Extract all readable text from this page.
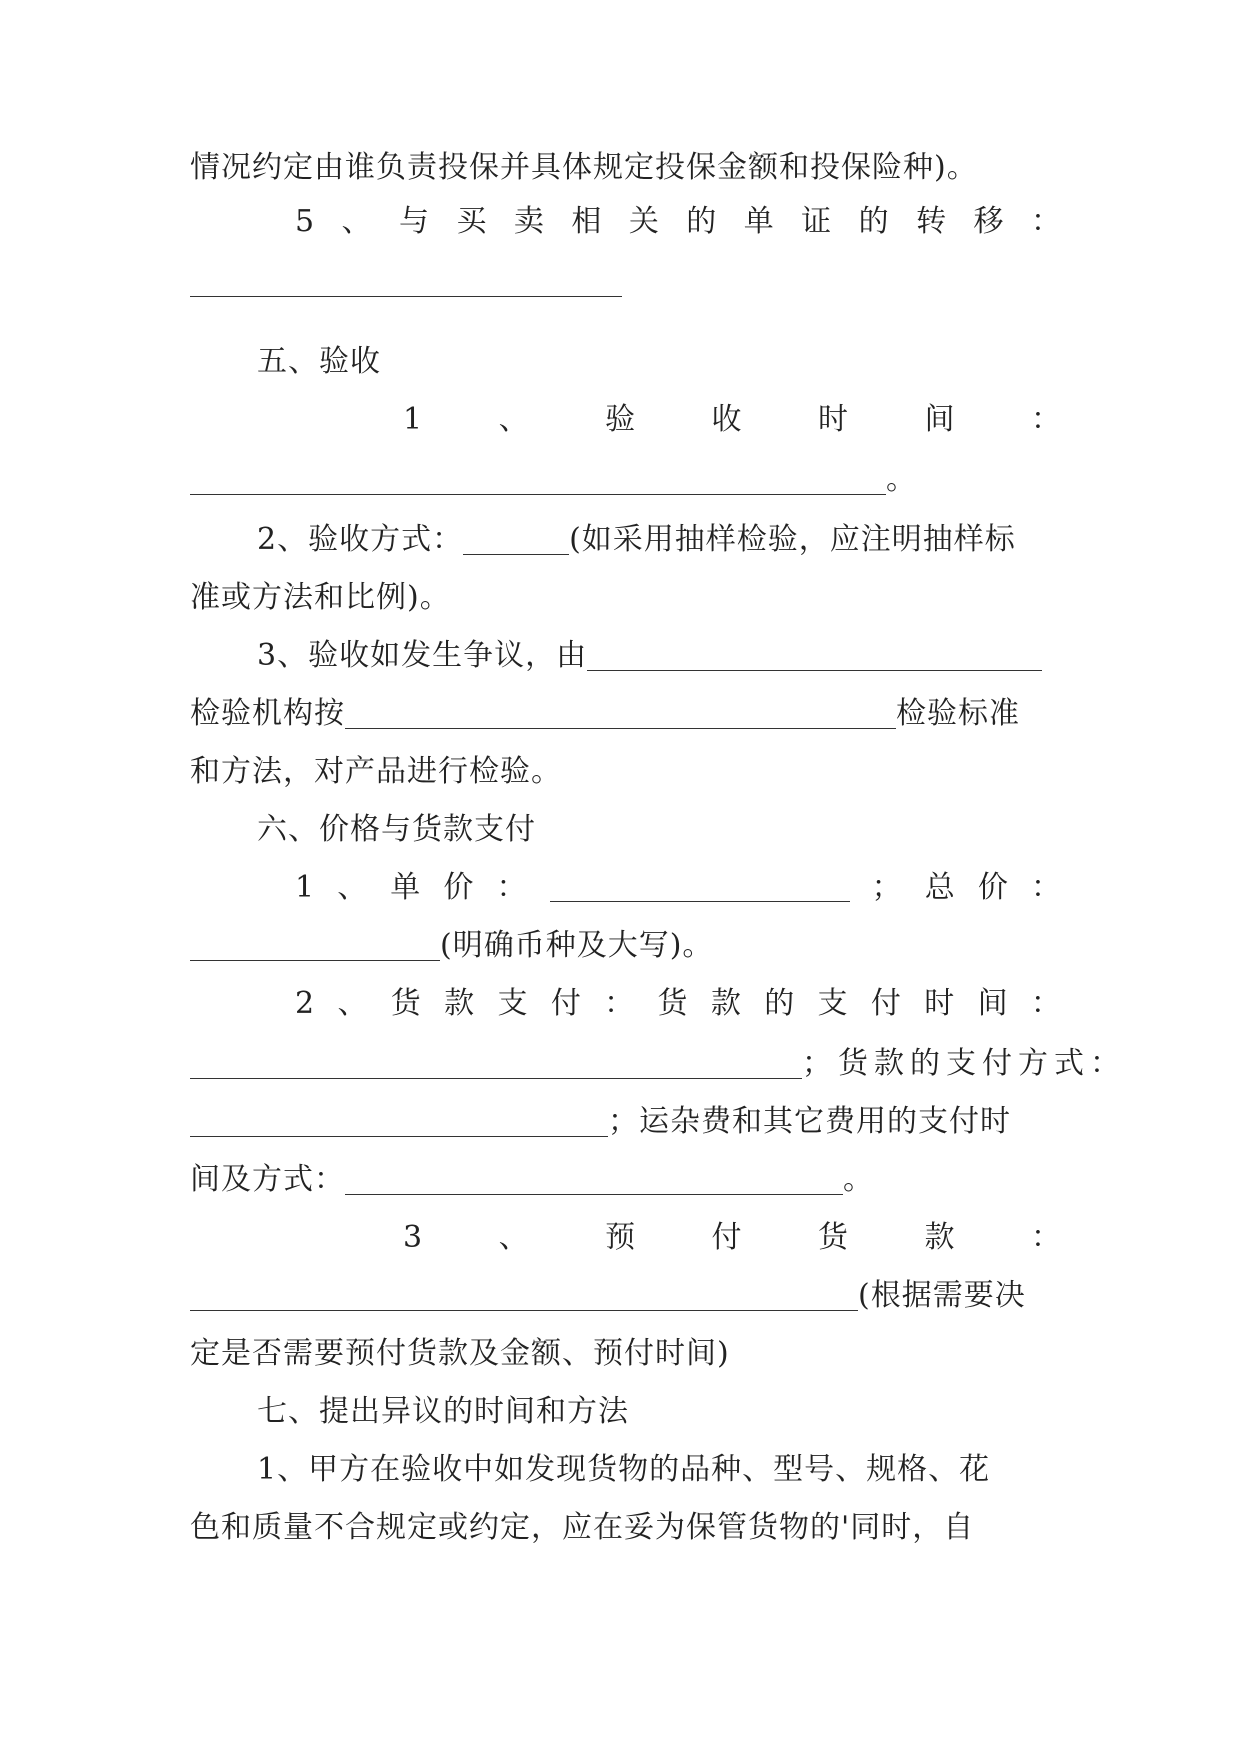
情况约定由谁负责投保并具体规定投保金额和投保险种)。
5 、 与 买 卖 相 关 的 单 证 的 转 移 ：
五、验收
1	、	验	收	时	间	：
。
2、验收方式：	(如采用抽样检验，应注明抽样标
准或方法和比例)。
3、验收如发生争议，由
检验机构按	检验标准
和方法，对产品进行检验。
六、价格与货款支付
1 、 单 价 ：	； 总 价 ：
(明确币种及大写)。
2 、 货 款 支 付 ： 货 款 的 支 付 时 间 ：
；货款的支付方式：
；运杂费和其它费用的支付时
间及方式：	。
3	、	预	付	货	款	：
(根据需要决
定是否需要预付货款及金额、预付时间)
七、提出异议的时间和方法
1、甲方在验收中如发现货物的品种、型号、规格、花
色和质量不合规定或约定，应在妥为保管货物的'同时，自
